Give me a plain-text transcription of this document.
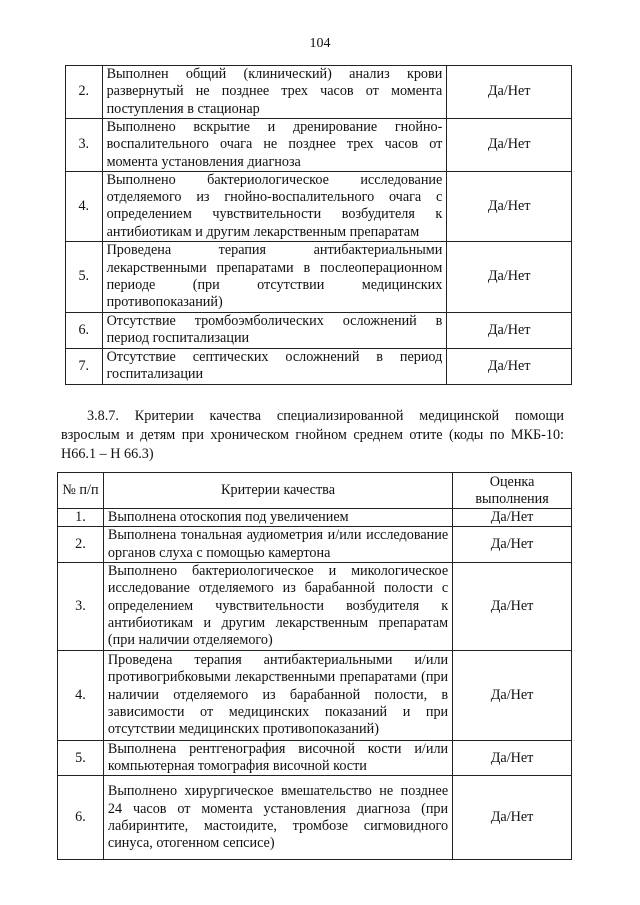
104
2.	Выполнен общий (клинический) анализ крови развернутый не позднее трех часов от момента поступления в стационар	Да/Нет
3.	Выполнено вскрытие и дренирование гнойно-воспалительного очага не позднее трех часов от момента установления диагноза	Да/Нет
4.	Выполнено бактериологическое исследование отделяемого из гнойно-воспалительного очага с определением чувствительности возбудителя к антибиотикам и другим лекарственным препаратам	Да/Нет
5.	Проведена терапия антибактериальными лекарственными препаратами в послеоперационном периоде (при отсутствии медицинских противопоказаний)	Да/Нет
6.	Отсутствие тромбоэмболических осложнений в период госпитализации	Да/Нет
7.	Отсутствие септических осложнений в период госпитализации	Да/Нет
3.8.7. Критерии качества специализированной медицинской помощи взрослым и детям при хроническом гнойном среднем отите (коды по МКБ-10: Н66.1 – Н 66.3)
№ п/п	Критерии качества	Оценка выполнения
1.	Выполнена отоскопия под увеличением	Да/Нет
2.	Выполнена тональная аудиометрия и/или исследование органов слуха с помощью камертона	Да/Нет
3.	Выполнено бактериологическое и микологическое исследование отделяемого из барабанной полости с определением чувствительности возбудителя к антибиотикам и другим лекарственным препаратам (при наличии отделяемого)	Да/Нет
4.	Проведена терапия антибактериальными и/или противогрибковыми лекарственными препаратами (при наличии отделяемого из барабанной полости, в зависимости от медицинских показаний и при отсутствии медицинских противопоказаний)	Да/Нет
5.	Выполнена рентгенография височной кости и/или компьютерная томография височной кости	Да/Нет
6.	Выполнено хирургическое вмешательство не позднее 24 часов от момента установления диагноза (при лабиринтите, мастоидите, тромбозе сигмовидного синуса, отогенном сепсисе)	Да/Нет
